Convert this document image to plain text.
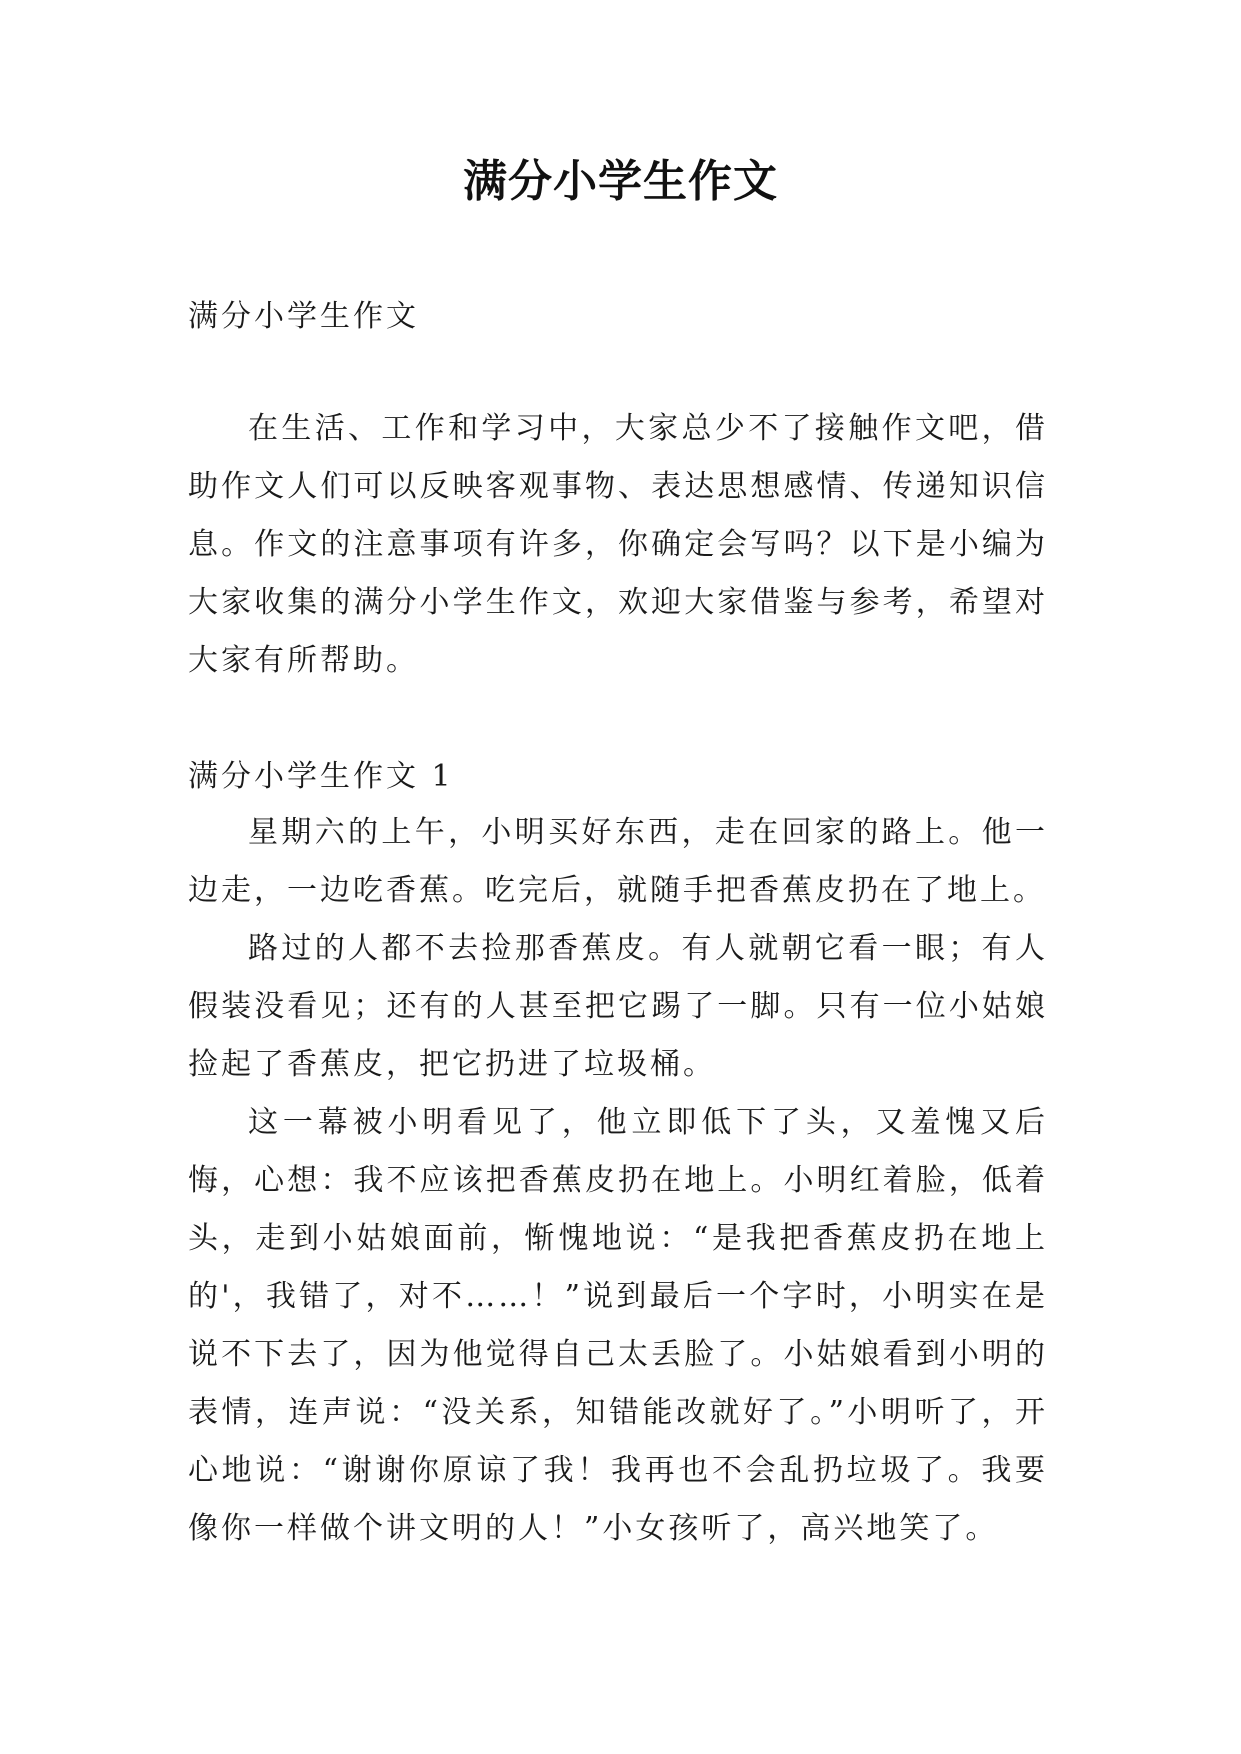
满分小学生作文
满分小学生作文

在生活、工作和学习中，大家总少不了接触作文吧，借助作文人们可以反映客观事物、表达思想感情、传递知识信息。作文的注意事项有许多，你确定会写吗？以下是小编为大家收集的满分小学生作文，欢迎大家借鉴与参考，希望对大家有所帮助。

满分小学生作文 1

星期六的上午，小明买好东西，走在回家的路上。他一边走，一边吃香蕉。吃完后，就随手把香蕉皮扔在了地上。

路过的人都不去捡那香蕉皮。有人就朝它看一眼；有人假装没看见；还有的人甚至把它踢了一脚。只有一位小姑娘捡起了香蕉皮，把它扔进了垃圾桶。

这一幕被小明看见了，他立即低下了头，又羞愧又后悔，心想：我不应该把香蕉皮扔在地上。小明红着脸，低着头，走到小姑娘面前，惭愧地说：“是我把香蕉皮扔在地上的'，我错了，对不……！”说到最后一个字时，小明实在是说不下去了，因为他觉得自己太丢脸了。小姑娘看到小明的表情，连声说：“没关系，知错能改就好了。”小明听了，开心地说：“谢谢你原谅了我！我再也不会乱扔垃圾了。我要像你一样做个讲文明的人！”小女孩听了，高兴地笑了。
